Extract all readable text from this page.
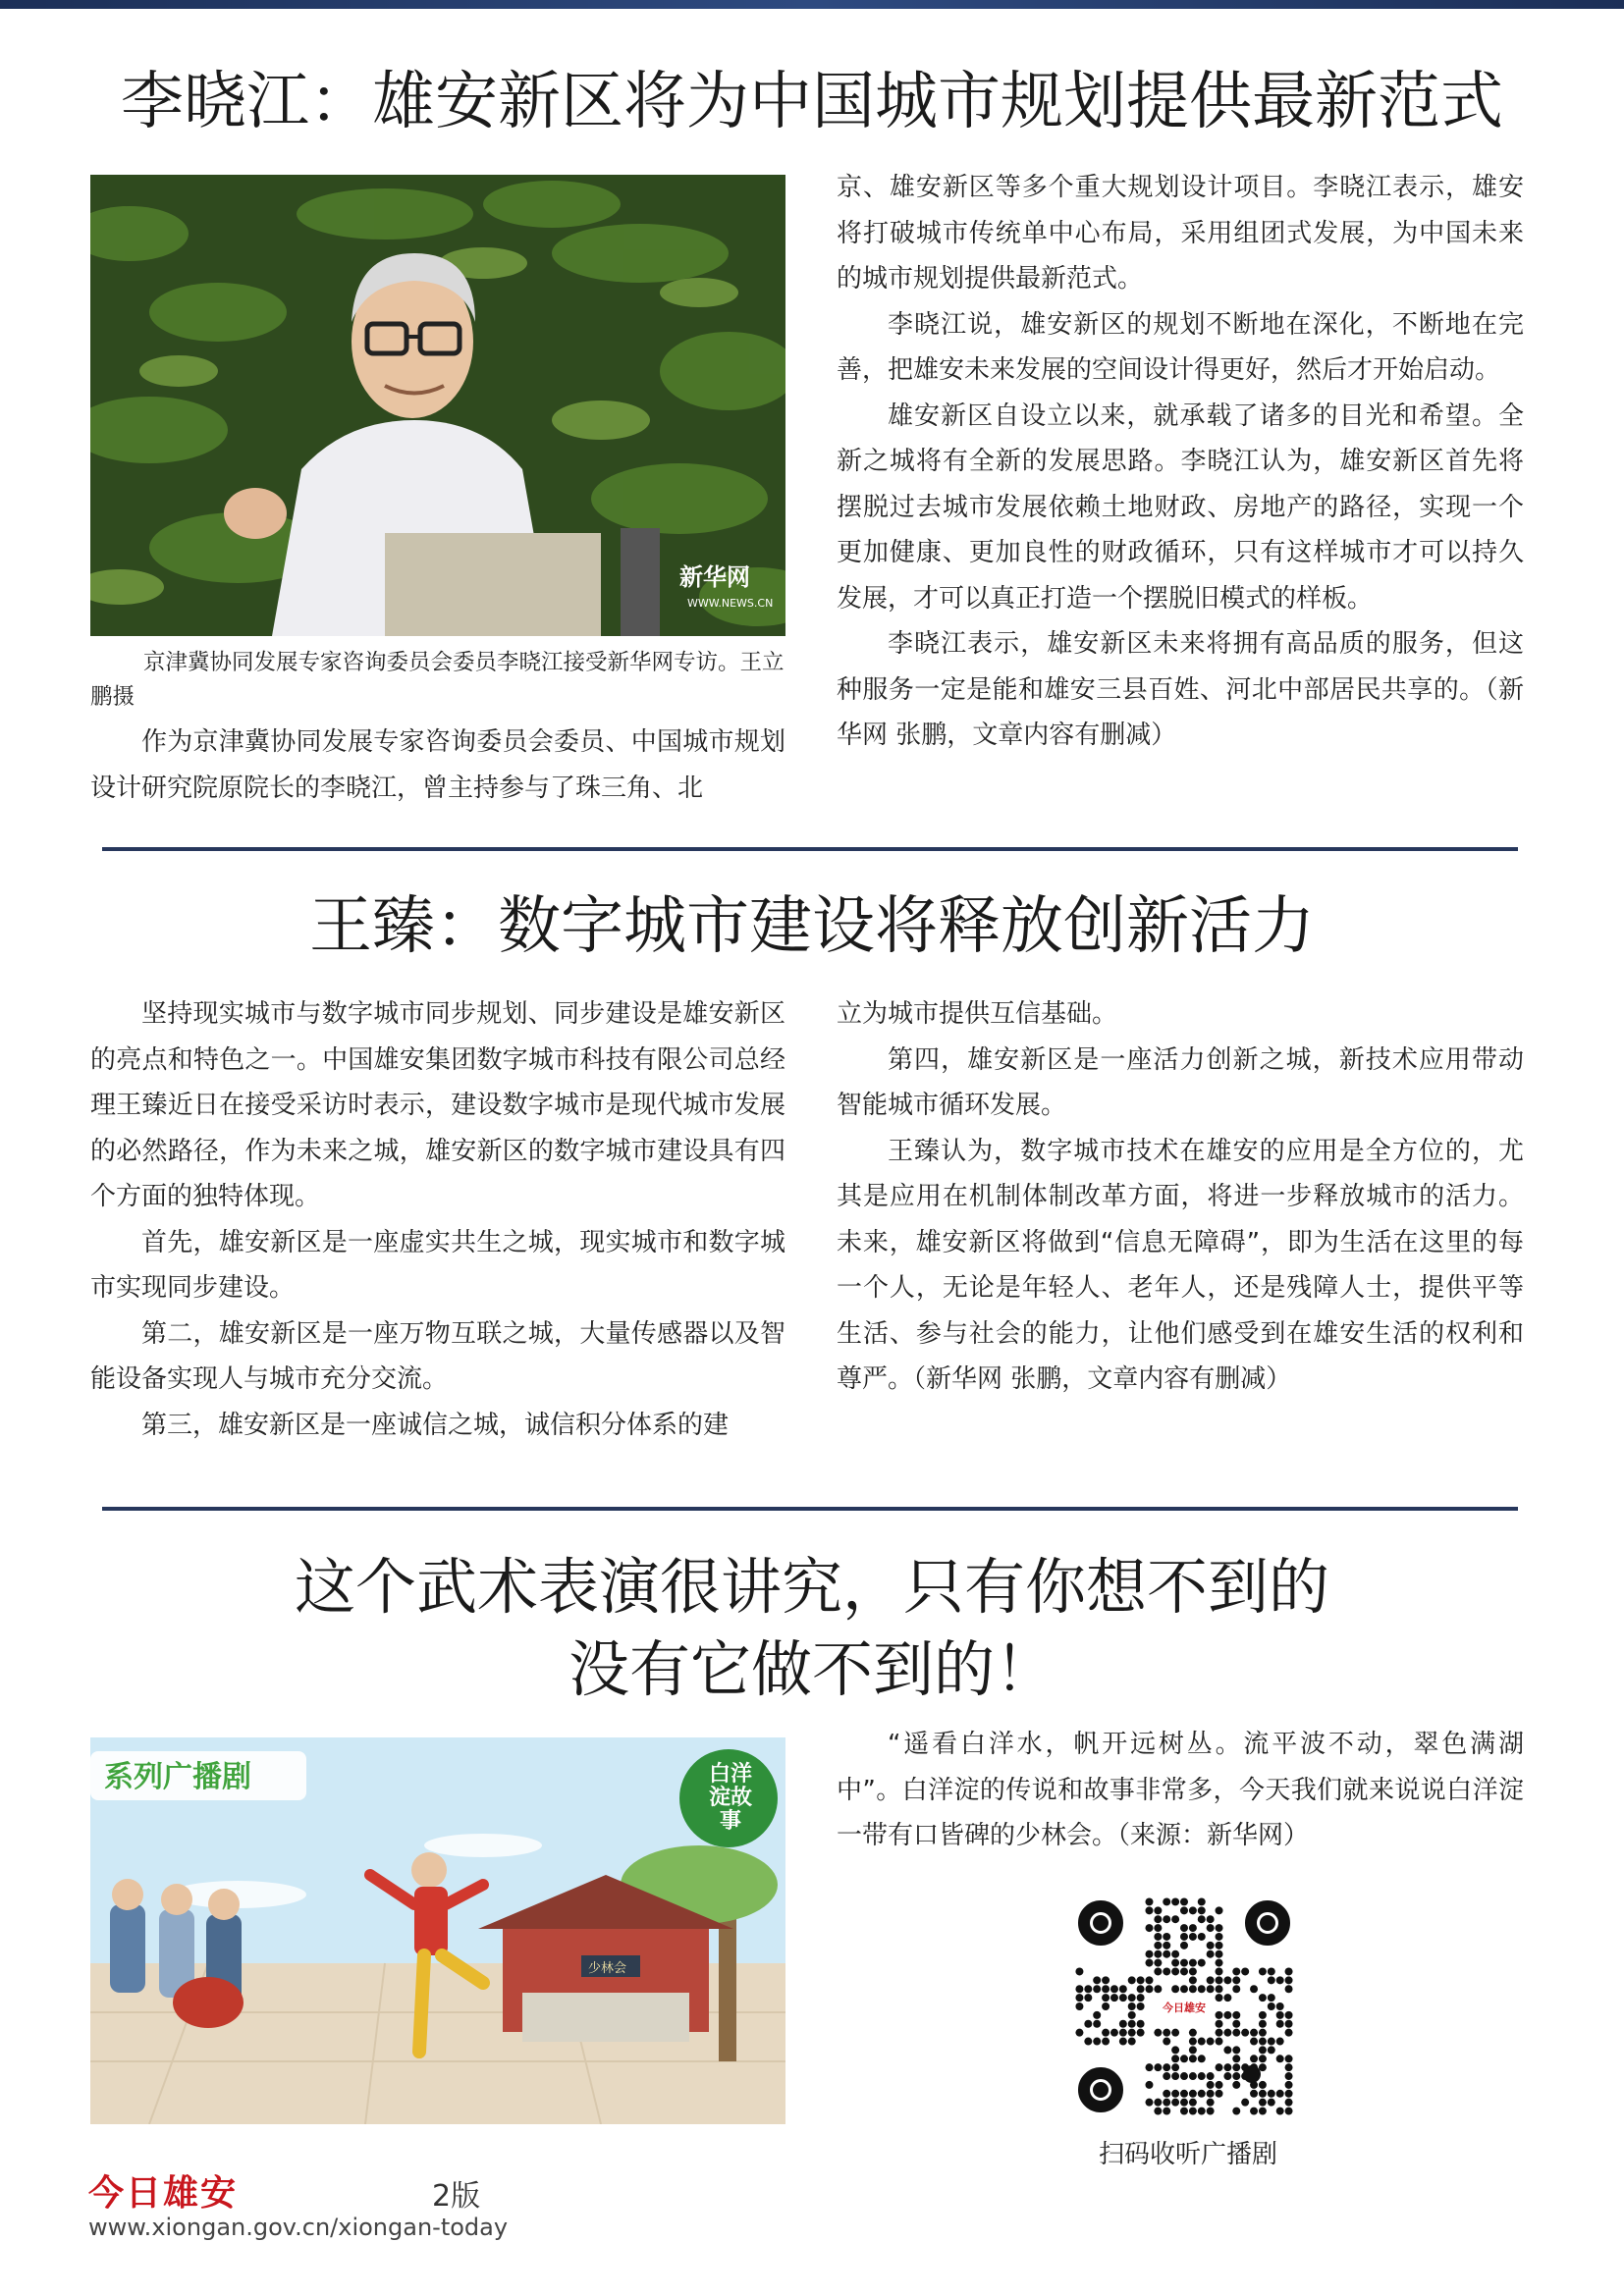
李晓江：雄安新区将为中国城市规划提供最新范式
新华网
WWW.NEWS.CN
京津冀协同发展专家咨询委员会委员李晓江接受新华网专访。王立鹏摄

作为京津冀协同发展专家咨询委员会委员、中国城市规划设计研究院原院长的李晓江，曾主持参与了珠三角、北

京、雄安新区等多个重大规划设计项目。李晓江表示，雄安将打破城市传统单中心布局，采用组团式发展，为中国未来的城市规划提供最新范式。

李晓江说，雄安新区的规划不断地在深化，不断地在完善，把雄安未来发展的空间设计得更好，然后才开始启动。

雄安新区自设立以来，就承载了诸多的目光和希望。全新之城将有全新的发展思路。李晓江认为，雄安新区首先将摆脱过去城市发展依赖土地财政、房地产的路径，实现一个更加健康、更加良性的财政循环，只有这样城市才可以持久发展，才可以真正打造一个摆脱旧模式的样板。

李晓江表示，雄安新区未来将拥有高品质的服务，但这种服务一定是能和雄安三县百姓、河北中部居民共享的。（新华网 张鹏，文章内容有删减）

王臻：数字城市建设将释放创新活力

坚持现实城市与数字城市同步规划、同步建设是雄安新区的亮点和特色之一。中国雄安集团数字城市科技有限公司总经理王臻近日在接受采访时表示，建设数字城市是现代城市发展的必然路径，作为未来之城，雄安新区的数字城市建设具有四个方面的独特体现。

首先，雄安新区是一座虚实共生之城，现实城市和数字城市实现同步建设。

第二，雄安新区是一座万物互联之城，大量传感器以及智能设备实现人与城市充分交流。

第三，雄安新区是一座诚信之城，诚信积分体系的建

立为城市提供互信基础。

第四，雄安新区是一座活力创新之城，新技术应用带动智能城市循环发展。

王臻认为，数字城市技术在雄安的应用是全方位的，尤其是应用在机制体制改革方面，将进一步释放城市的活力。未来，雄安新区将做到“信息无障碍”，即为生活在这里的每一个人，无论是年轻人、老年人，还是残障人士，提供平等生活、参与社会的能力，让他们感受到在雄安生活的权利和尊严。（新华网 张鹏，文章内容有删减）

这个武术表演很讲究，只有你想不到的
没有它做不到的！
系列广播剧	白洋淀故事
少林会

“遥看白洋水，帆开远树丛。流平波不动，翠色满湖中”。白洋淀的传说和故事非常多，今天我们就来说说白洋淀一带有口皆碑的少林会。（来源：新华网）

今日雄安
扫码收听广播剧
今日雄安	2版
www.xiongan.gov.cn/xiongan-today
